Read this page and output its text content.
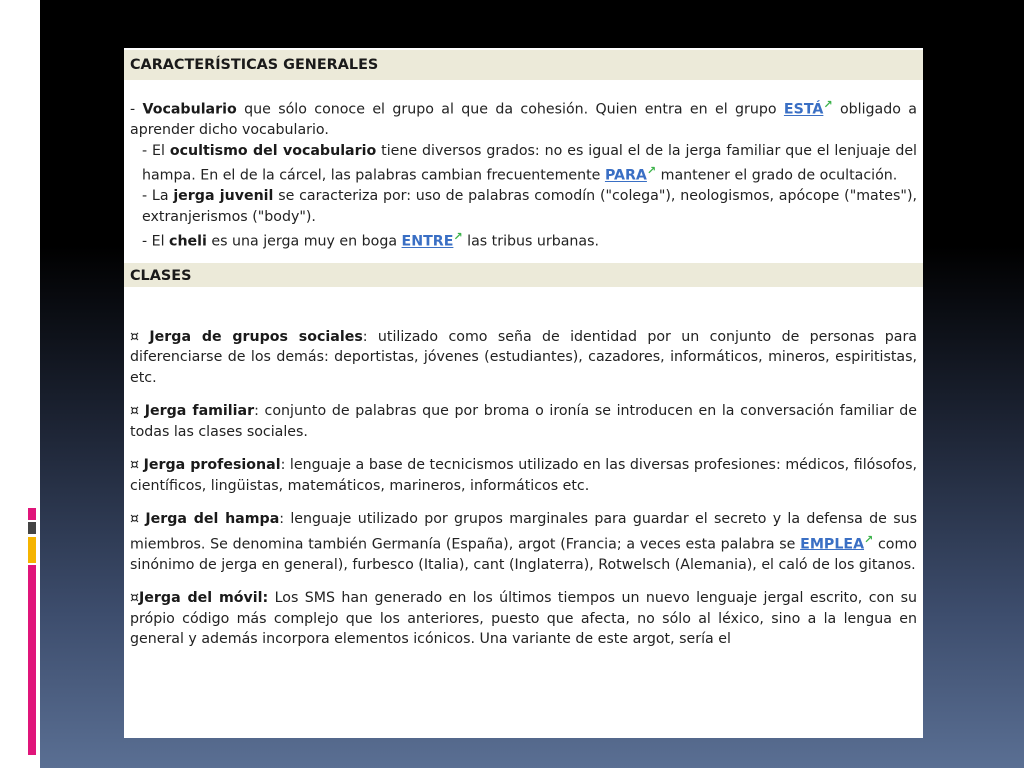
CARACTERÍSTICAS GENERALES

- Vocabulario que sólo conoce el grupo al que da cohesión. Quien entra en el grupo ESTÁ↗ obligado a aprender dicho vocabulario.

- El ocultismo del vocabulario tiene diversos grados: no es igual el de la jerga familiar que el lenjuaje del hampa. En el de la cárcel, las palabras cambian frecuentemente PARA↗ mantener el grado de ocultación.

- La jerga juvenil se caracteriza por: uso de palabras comodín ("colega"), neologismos, apócope ("mates"), extranjerismos ("body").

- El cheli es una jerga muy en boga ENTRE↗ las tribus urbanas.

CLASES

¤ Jerga de grupos sociales: utilizado como seña de identidad por un conjunto de personas para diferenciarse de los demás: deportistas, jóvenes (estudiantes), cazadores, informáticos, mineros, espiritistas, etc.

¤ Jerga familiar: conjunto de palabras que por broma o ironía se introducen en la conversación familiar de todas las clases sociales.

¤ Jerga profesional: lenguaje a base de tecnicismos utilizado en las diversas profesiones: médicos, filósofos, científicos, lingüistas, matemáticos, marineros, informáticos etc.

¤ Jerga del hampa: lenguaje utilizado por grupos marginales para guardar el secreto y la defensa de sus miembros. Se denomina también Germanía (España), argot (Francia; a veces esta palabra se EMPLEA↗ como sinónimo de jerga en general), furbesco (Italia), cant (Inglaterra), Rotwelsch (Alemania), el caló de los gitanos.

¤Jerga del móvil: Los SMS han generado en los últimos tiempos un nuevo lenguaje jergal escrito, con su própio código más complejo que los anteriores, puesto que afecta, no sólo al léxico, sino a la lengua en general y además incorpora elementos icónicos. Una variante de este argot, sería el
